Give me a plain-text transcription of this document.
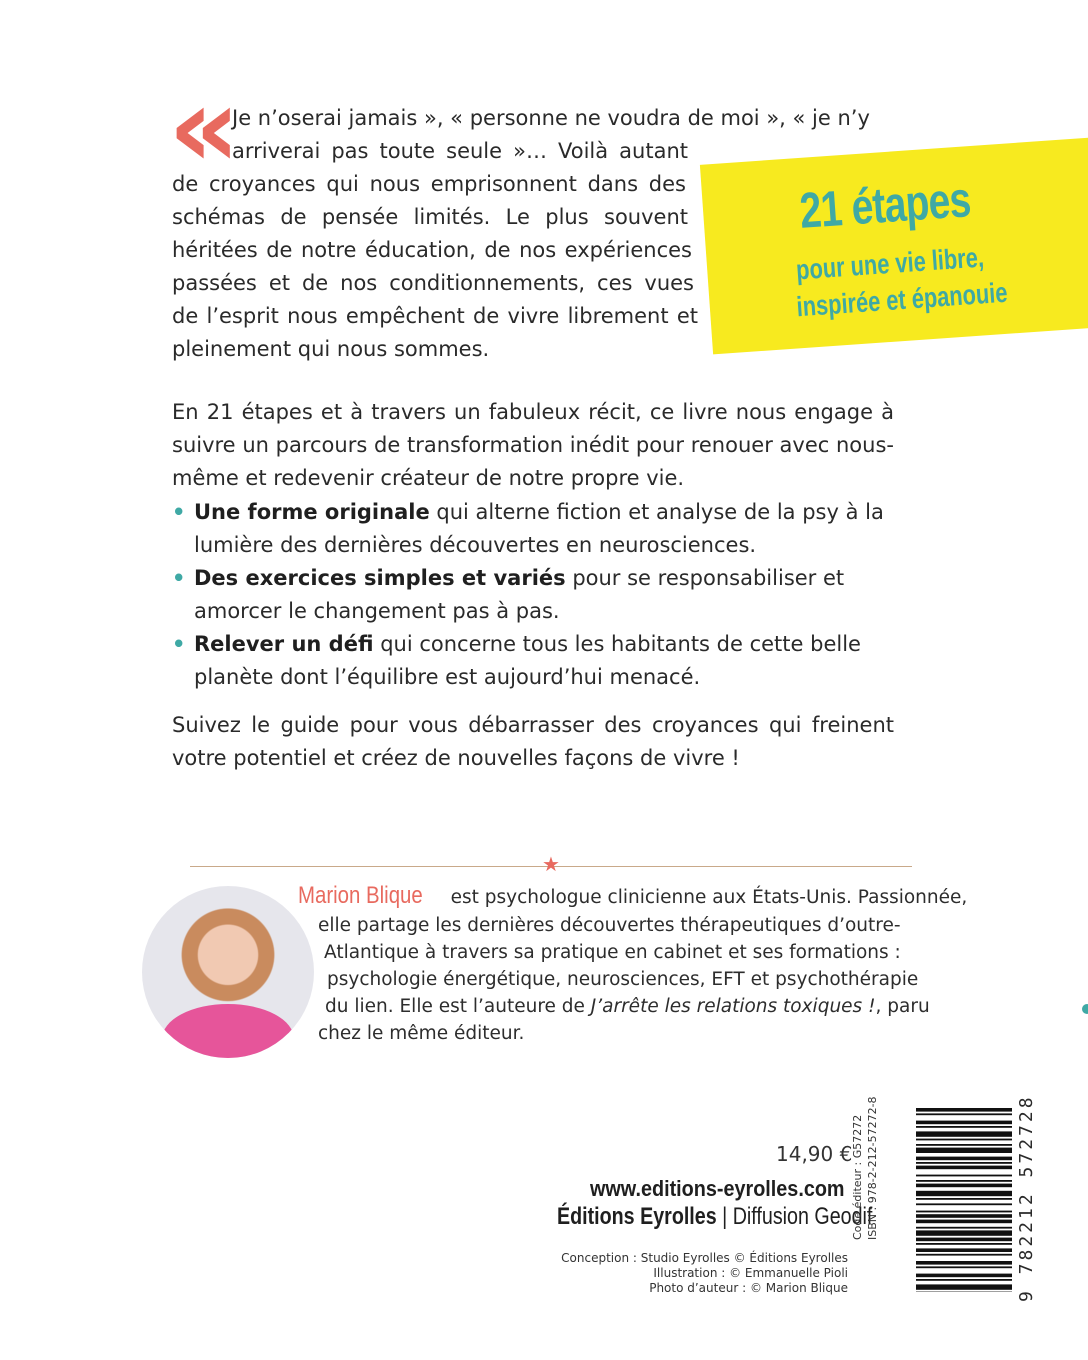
«
Je n’oserai jamais », « personne ne voudra de moi », « je n’y
arriverai pas toute seule »… Voilà autant
de croyances qui nous emprisonnent dans des
schémas de pensée limités. Le plus souvent
héritées de notre éducation, de nos expériences
passées et de nos conditionnements, ces vues
de l’esprit nous empêchent de vivre librement et
pleinement qui nous sommes.
21 étapes
pour une vie libre,
inspirée et épanouie

En 21 étapes et à travers un fabuleux récit, ce livre nous engage à suivre un parcours de transformation inédit pour renouer avec nous-même et redevenir créateur de notre propre vie.

• Une forme originale qui alterne fiction et analyse de la psy à la lumière des dernières découvertes en neurosciences.

• Des exercices simples et variés pour se responsabiliser et amorcer le changement pas à pas.

• Relever un défi qui concerne tous les habitants de cette belle planète dont l’équilibre est aujourd’hui menacé.

Suivez le guide pour vous débarrasser des croyances qui freinent votre potentiel et créez de nouvelles façons de vivre !

★
Marion Blique est psychologue clinicienne aux États-Unis. Passionnée,
elle partage les dernières découvertes thérapeutiques d’outre-
Atlantique à travers sa pratique en cabinet et ses formations :
psychologie énergétique, neurosciences, EFT et psychothérapie
du lien. Elle est l’auteure de J’arrête les relations toxiques !, paru
chez le même éditeur.
14,90 €
www.editions-eyrolles.com
Éditions Eyrolles | Diffusion Geodif
Conception : Studio Eyrolles © Éditions Eyrolles
Illustration : © Emmanuelle Pioli
Photo d’auteur : © Marion Blique
Code éditeur : G57272 ISBN : 978-2-212-57272-8	9 782212 572728
